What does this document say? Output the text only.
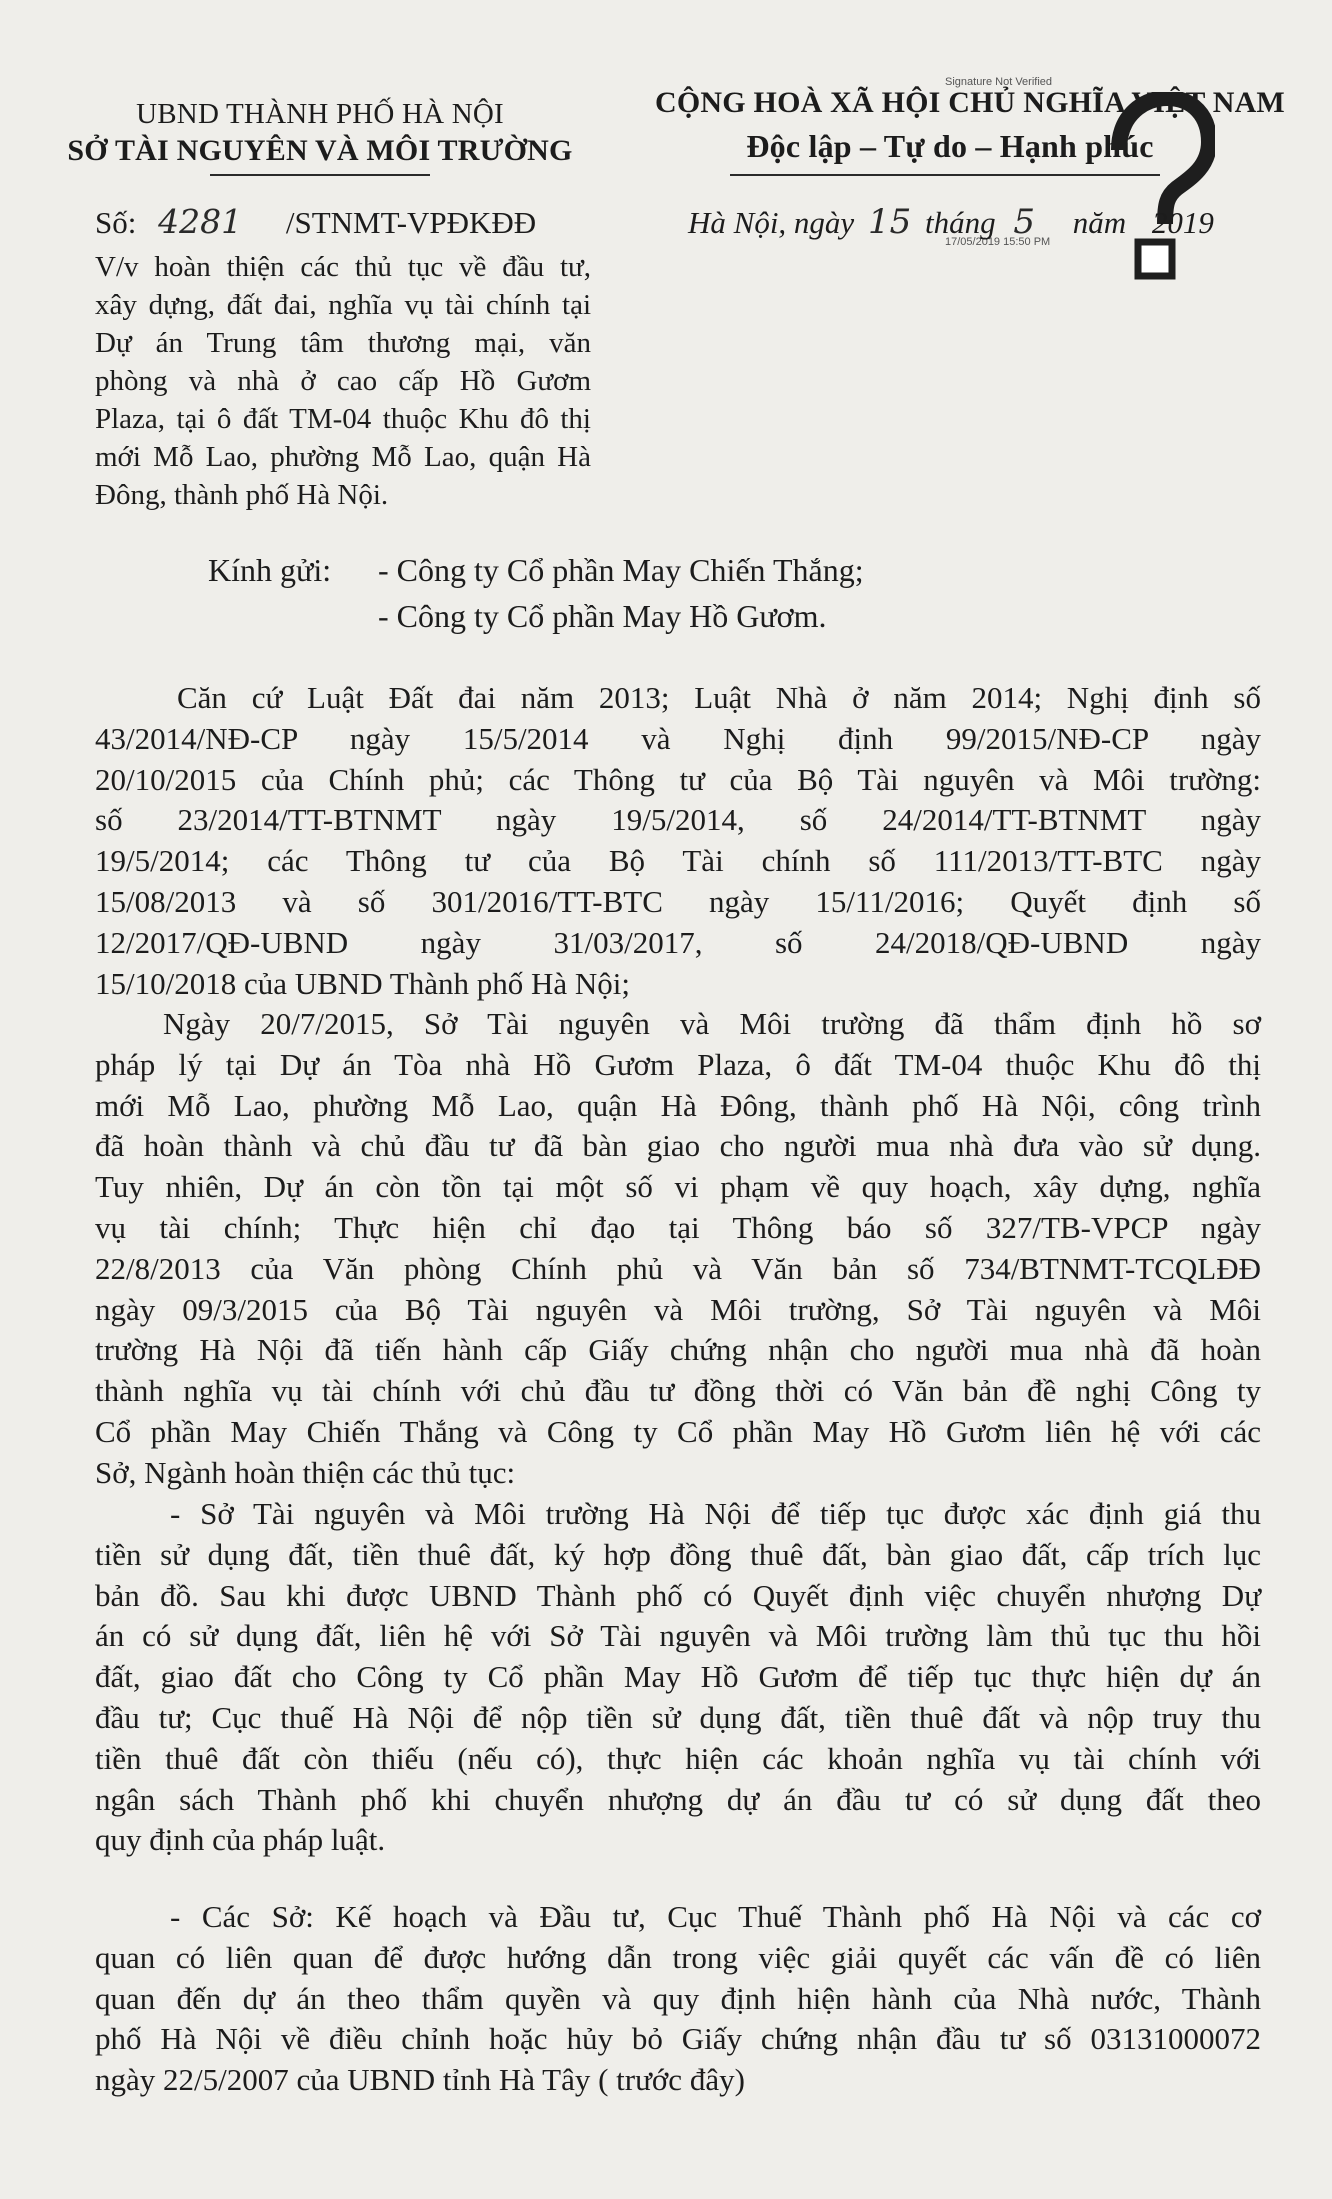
UBND THÀNH PHỐ HÀ NỘI
SỞ TÀI NGUYÊN VÀ MÔI TRƯỜNG
CỘNG HOÀ XÃ HỘI CHỦ NGHĨA VIỆT NAM
Độc lập – Tự do – Hạnh phúc
Signature Not Verified
17/05/2019 15:50 PM
Số: 4281 /STNMT-VPĐKĐĐ	Hà Nội, ngày 15 tháng 5 năm 2019
V/v hoàn thiện các thủ tục về đầu tư,
xây dựng, đất đai, nghĩa vụ tài chính tại
Dự án Trung tâm thương mại, văn
phòng và nhà ở cao cấp Hồ Gươm
Plaza, tại ô đất TM-04 thuộc Khu đô thị
mới Mỗ Lao, phường Mỗ Lao, quận Hà
Đông, thành phố Hà Nội.
Kính gửi: - Công ty Cổ phần May Chiến Thắng;
- Công ty Cổ phần May Hồ Gươm.
Căn cứ Luật Đất đai năm 2013; Luật Nhà ở năm 2014; Nghị định số
43/2014/NĐ-CP ngày 15/5/2014 và Nghị định 99/2015/NĐ-CP ngày
20/10/2015 của Chính phủ; các Thông tư của Bộ Tài nguyên và Môi trường:
số 23/2014/TT-BTNMT ngày 19/5/2014, số 24/2014/TT-BTNMT ngày
19/5/2014; các Thông tư của Bộ Tài chính số 111/2013/TT-BTC ngày
15/08/2013 và số 301/2016/TT-BTC ngày 15/11/2016; Quyết định số
12/2017/QĐ-UBND ngày 31/03/2017, số 24/2018/QĐ-UBND ngày
15/10/2018 của UBND Thành phố Hà Nội;
Ngày 20/7/2015, Sở Tài nguyên và Môi trường đã thẩm định hồ sơ
pháp lý tại Dự án Tòa nhà Hồ Gươm Plaza, ô đất TM-04 thuộc Khu đô thị
mới Mỗ Lao, phường Mỗ Lao, quận Hà Đông, thành phố Hà Nội, công trình
đã hoàn thành và chủ đầu tư đã bàn giao cho người mua nhà đưa vào sử dụng.
Tuy nhiên, Dự án còn tồn tại một số vi phạm về quy hoạch, xây dựng, nghĩa
vụ tài chính; Thực hiện chỉ đạo tại Thông báo số 327/TB-VPCP ngày
22/8/2013 của Văn phòng Chính phủ và Văn bản số 734/BTNMT-TCQLĐĐ
ngày 09/3/2015 của Bộ Tài nguyên và Môi trường, Sở Tài nguyên và Môi
trường Hà Nội đã tiến hành cấp Giấy chứng nhận cho người mua nhà đã hoàn
thành nghĩa vụ tài chính với chủ đầu tư đồng thời có Văn bản đề nghị Công ty
Cổ phần May Chiến Thắng và Công ty Cổ phần May Hồ Gươm liên hệ với các
Sở, Ngành hoàn thiện các thủ tục:
- Sở Tài nguyên và Môi trường Hà Nội để tiếp tục được xác định giá thu
tiền sử dụng đất, tiền thuê đất, ký hợp đồng thuê đất, bàn giao đất, cấp trích lục
bản đồ. Sau khi được UBND Thành phố có Quyết định việc chuyển nhượng Dự
án có sử dụng đất, liên hệ với Sở Tài nguyên và Môi trường làm thủ tục thu hồi
đất, giao đất cho Công ty Cổ phần May Hồ Gươm để tiếp tục thực hiện dự án
đầu tư; Cục thuế Hà Nội để nộp tiền sử dụng đất, tiền thuê đất và nộp truy thu
tiền thuê đất còn thiếu (nếu có), thực hiện các khoản nghĩa vụ tài chính với
ngân sách Thành phố khi chuyển nhượng dự án đầu tư có sử dụng đất theo
quy định của pháp luật.
- Các Sở: Kế hoạch và Đầu tư, Cục Thuế Thành phố Hà Nội và các cơ
quan có liên quan để được hướng dẫn trong việc giải quyết các vấn đề có liên
quan đến dự án theo thẩm quyền và quy định hiện hành của Nhà nước, Thành
phố Hà Nội về điều chỉnh hoặc hủy bỏ Giấy chứng nhận đầu tư số 03131000072
ngày 22/5/2007 của UBND tỉnh Hà Tây ( trước đây)
